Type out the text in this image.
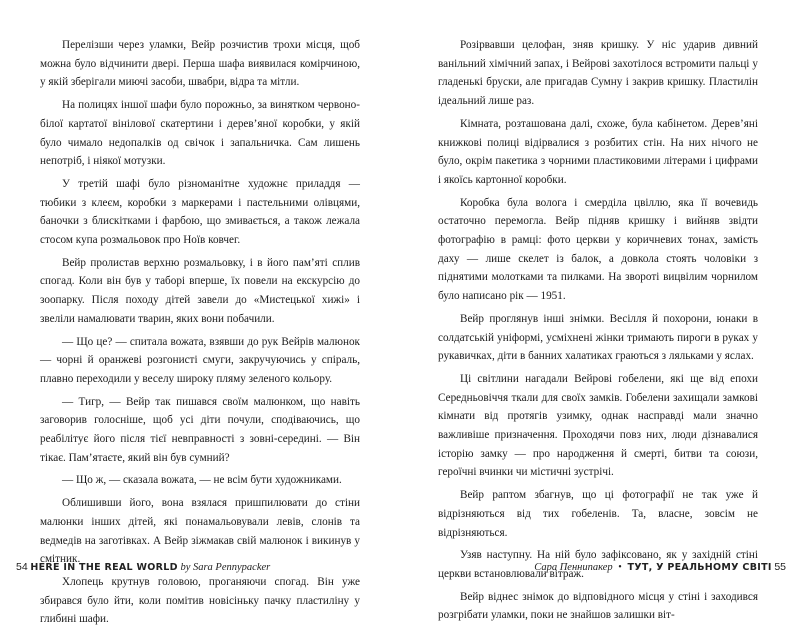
Перелізши через уламки, Вейр розчистив трохи місця, щоб можна було відчинити двері. Перша шафа виявилася комірчиною, у якій зберігали миючі засоби, швабри, відра та мітли.

На полицях іншої шафи було порожньо, за винятком червоно-білої картатої вінілової скатертини і дерев’яної коробки, у якій було чимало недопалків од свічок і запальничка. Сам лишень непотріб, і ніякої мотузки.

У третій шафі було різноманітне художнє приладдя — тюбики з клеєм, коробки з маркерами і пастельними олівцями, баночки з блискітками і фарбою, що змивається, а також лежала стосом купа розмальовок про Ноїв ковчег.

Вейр пролистав верхню розмальовку, і в його пам’яті сплив спогад. Коли він був у таборі вперше, їх повели на екскурсію до зоопарку. Після походу дітей завели до «Мистецької хижі» і звеліли намалювати тварин, яких вони побачили.

— Що це? — спитала вожата, взявши до рук Вейрів малюнок — чорні й оранжеві розгонисті смуги, закручуючись у спіраль, плавно переходили у веселу широку пляму зеленого кольору.

— Тигр, — Вейр так пишався своїм малюнком, що навіть заговорив голосніше, щоб усі діти почули, сподіваючись, що реабілітує його після тієї невправності з зовні-середині. — Він тікає. Пам’ятаєте, який він був сумний?

— Що ж, — сказала вожата, — не всім бути художниками.

Облишивши його, вона взялася пришпилювати до стіни малюнки інших дітей, які понамальовували левів, слонів та ведмедів на заготівках. А Вейр зіжмакав свій малюнок і викинув у смітник.

Хлопець крутнув головою, проганяючи спогад. Він уже збирався було йти, коли помітив новісіньку пачку пластиліну у глибині шафи.

Розірвавши целофан, зняв кришку. У ніс ударив дивний ванільний хімічний запах, і Вейрові захотілося встромити пальці у гладенькі бруски, але пригадав Сумну і закрив кришку. Пластилін ідеальний лише раз.

Кімната, розташована далі, схоже, була кабінетом. Дерев’яні книжкові полиці відірвалися з розбитих стін. На них нічого не було, окрім пакетика з чорними пластиковими літерами і цифрами і якоїсь картонної коробки.

Коробка була волога і смерділа цвіллю, яка її вочевидь остаточно перемогла. Вейр підняв кришку і вийняв звідти фотографію в рамці: фото церкви у коричневих тонах, замість даху — лише скелет із балок, а довкола стоять чоловіки з піднятими молотками та пилками. На звороті вицвілим чорнилом було написано рік — 1951.

Вейр проглянув інші знімки. Весілля й похорони, юнаки в солдатській уніформі, усміхнені жінки тримають пироги в руках у рукавичках, діти в банних халатиках граються з ляльками у яслах.

Ці світлини нагадали Вейрові гобелени, які ще від епохи Середньовіччя ткали для своїх замків. Гобелени захищали замкові кімнати від протягів узимку, однак насправді мали значно важливіше призначення. Проходячи повз них, люди дізнавалися історію замку — про народження й смерті, битви та союзи, героїчні вчинки чи містичні зустрічі.

Вейр раптом збагнув, що ці фотографії не так уже й відрізняються від тих гобеленів. Та, власне, зовсім не відрізняються.

Узяв наступну. На ній було зафіксовано, як у західній стіні церкви встановлювали вітраж.

Вейр віднес знімок до відповідного місця у стіні і заходився розгрібати уламки, поки не знайшов залишки віт-

54 HERE IN THE REAL WORLD by Sara Pennypacker	Сара Пеннипакер • ТУТ, У РЕАЛЬНОМУ СВІТІ 55
